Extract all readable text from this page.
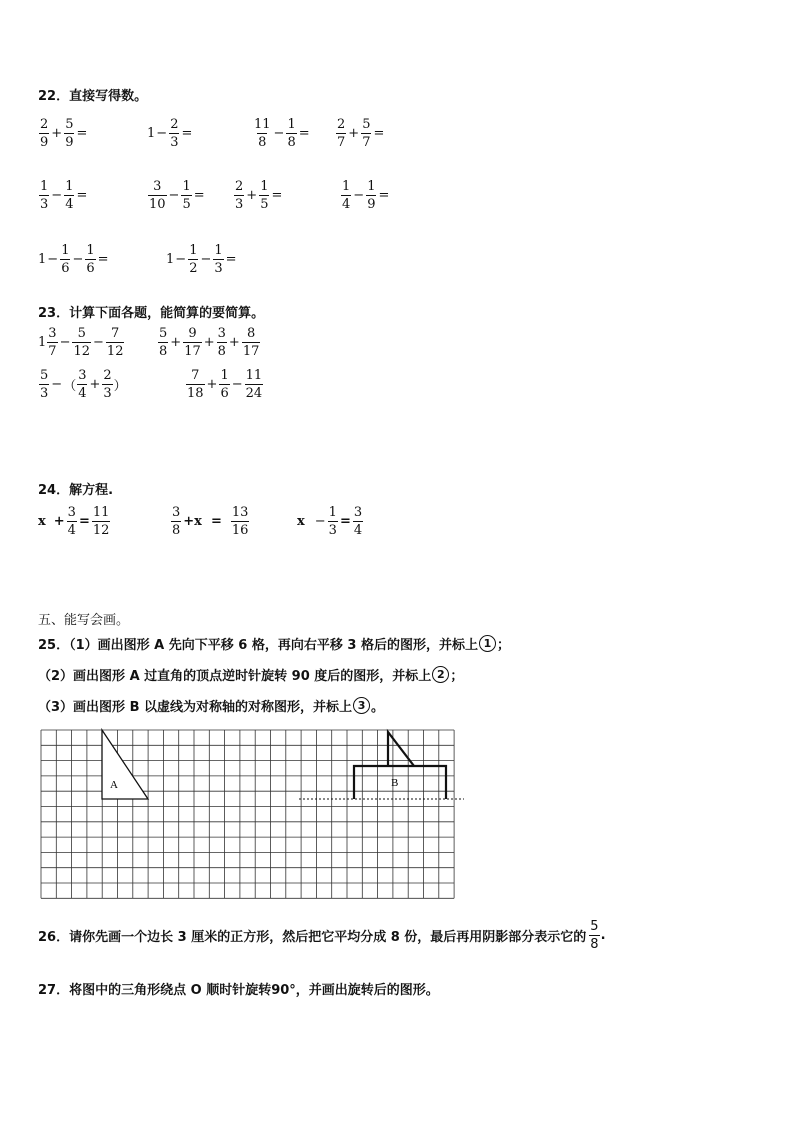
22．直接写得数。
$\frac{2}{9} + \frac{5}{9}$ =	$1 - \frac{2}{3}$ =	$\frac{11}{8} - \frac{1}{8} = \frac{2}{7} + \frac{5}{7}$ =
$\frac{1}{3} - \frac{1}{4}$ =	$\frac{3}{10} - \frac{1}{5} = \frac{2}{3} + \frac{1}{5}$ =	$\frac{1}{4} - \frac{1}{9}$ =
$1 - \frac{1}{6} - \frac{1}{6}$ =	$1 - \frac{1}{2} - \frac{1}{3}$ =
23．计算下面各题，能简算的要简算。
$1 \frac{3}{7} - \frac{5}{12} - \frac{7}{12}$	$\frac{5}{8} + \frac{9}{17} + \frac{3}{8} + \frac{8}{17}$
$\frac{5}{3}$ − （ $\frac{3}{4} + \frac{2}{3}$ ）	$\frac{7}{18} + \frac{1}{6} - \frac{11}{24}$
24．解方程.
$x + \frac{3}{4} = \frac{11}{12}$	$\frac{3}{8} +x = \frac{13}{16}$	$x - \frac{1}{3} = \frac{3}{4}$
五、能写会画。
25．（1）画出图形 A 先向下平移 6 格，再向右平移 3 格后的图形，并标上 1 ；
（2）画出图形 A 过直角的顶点逆时针旋转 90 度后的图形，并标上 2 ；
（3）画出图形 B 以虚线为对称轴的对称图形，并标上 3 。
A	B
26．请你先画一个边长 3 厘米的正方形，然后把它平均分成 8 份，最后再用阴影部分表示它的 $\frac{5}{8}$ .
27．将图中的三角形绕点 O 顺时针旋转90°，并画出旋转后的图形。
